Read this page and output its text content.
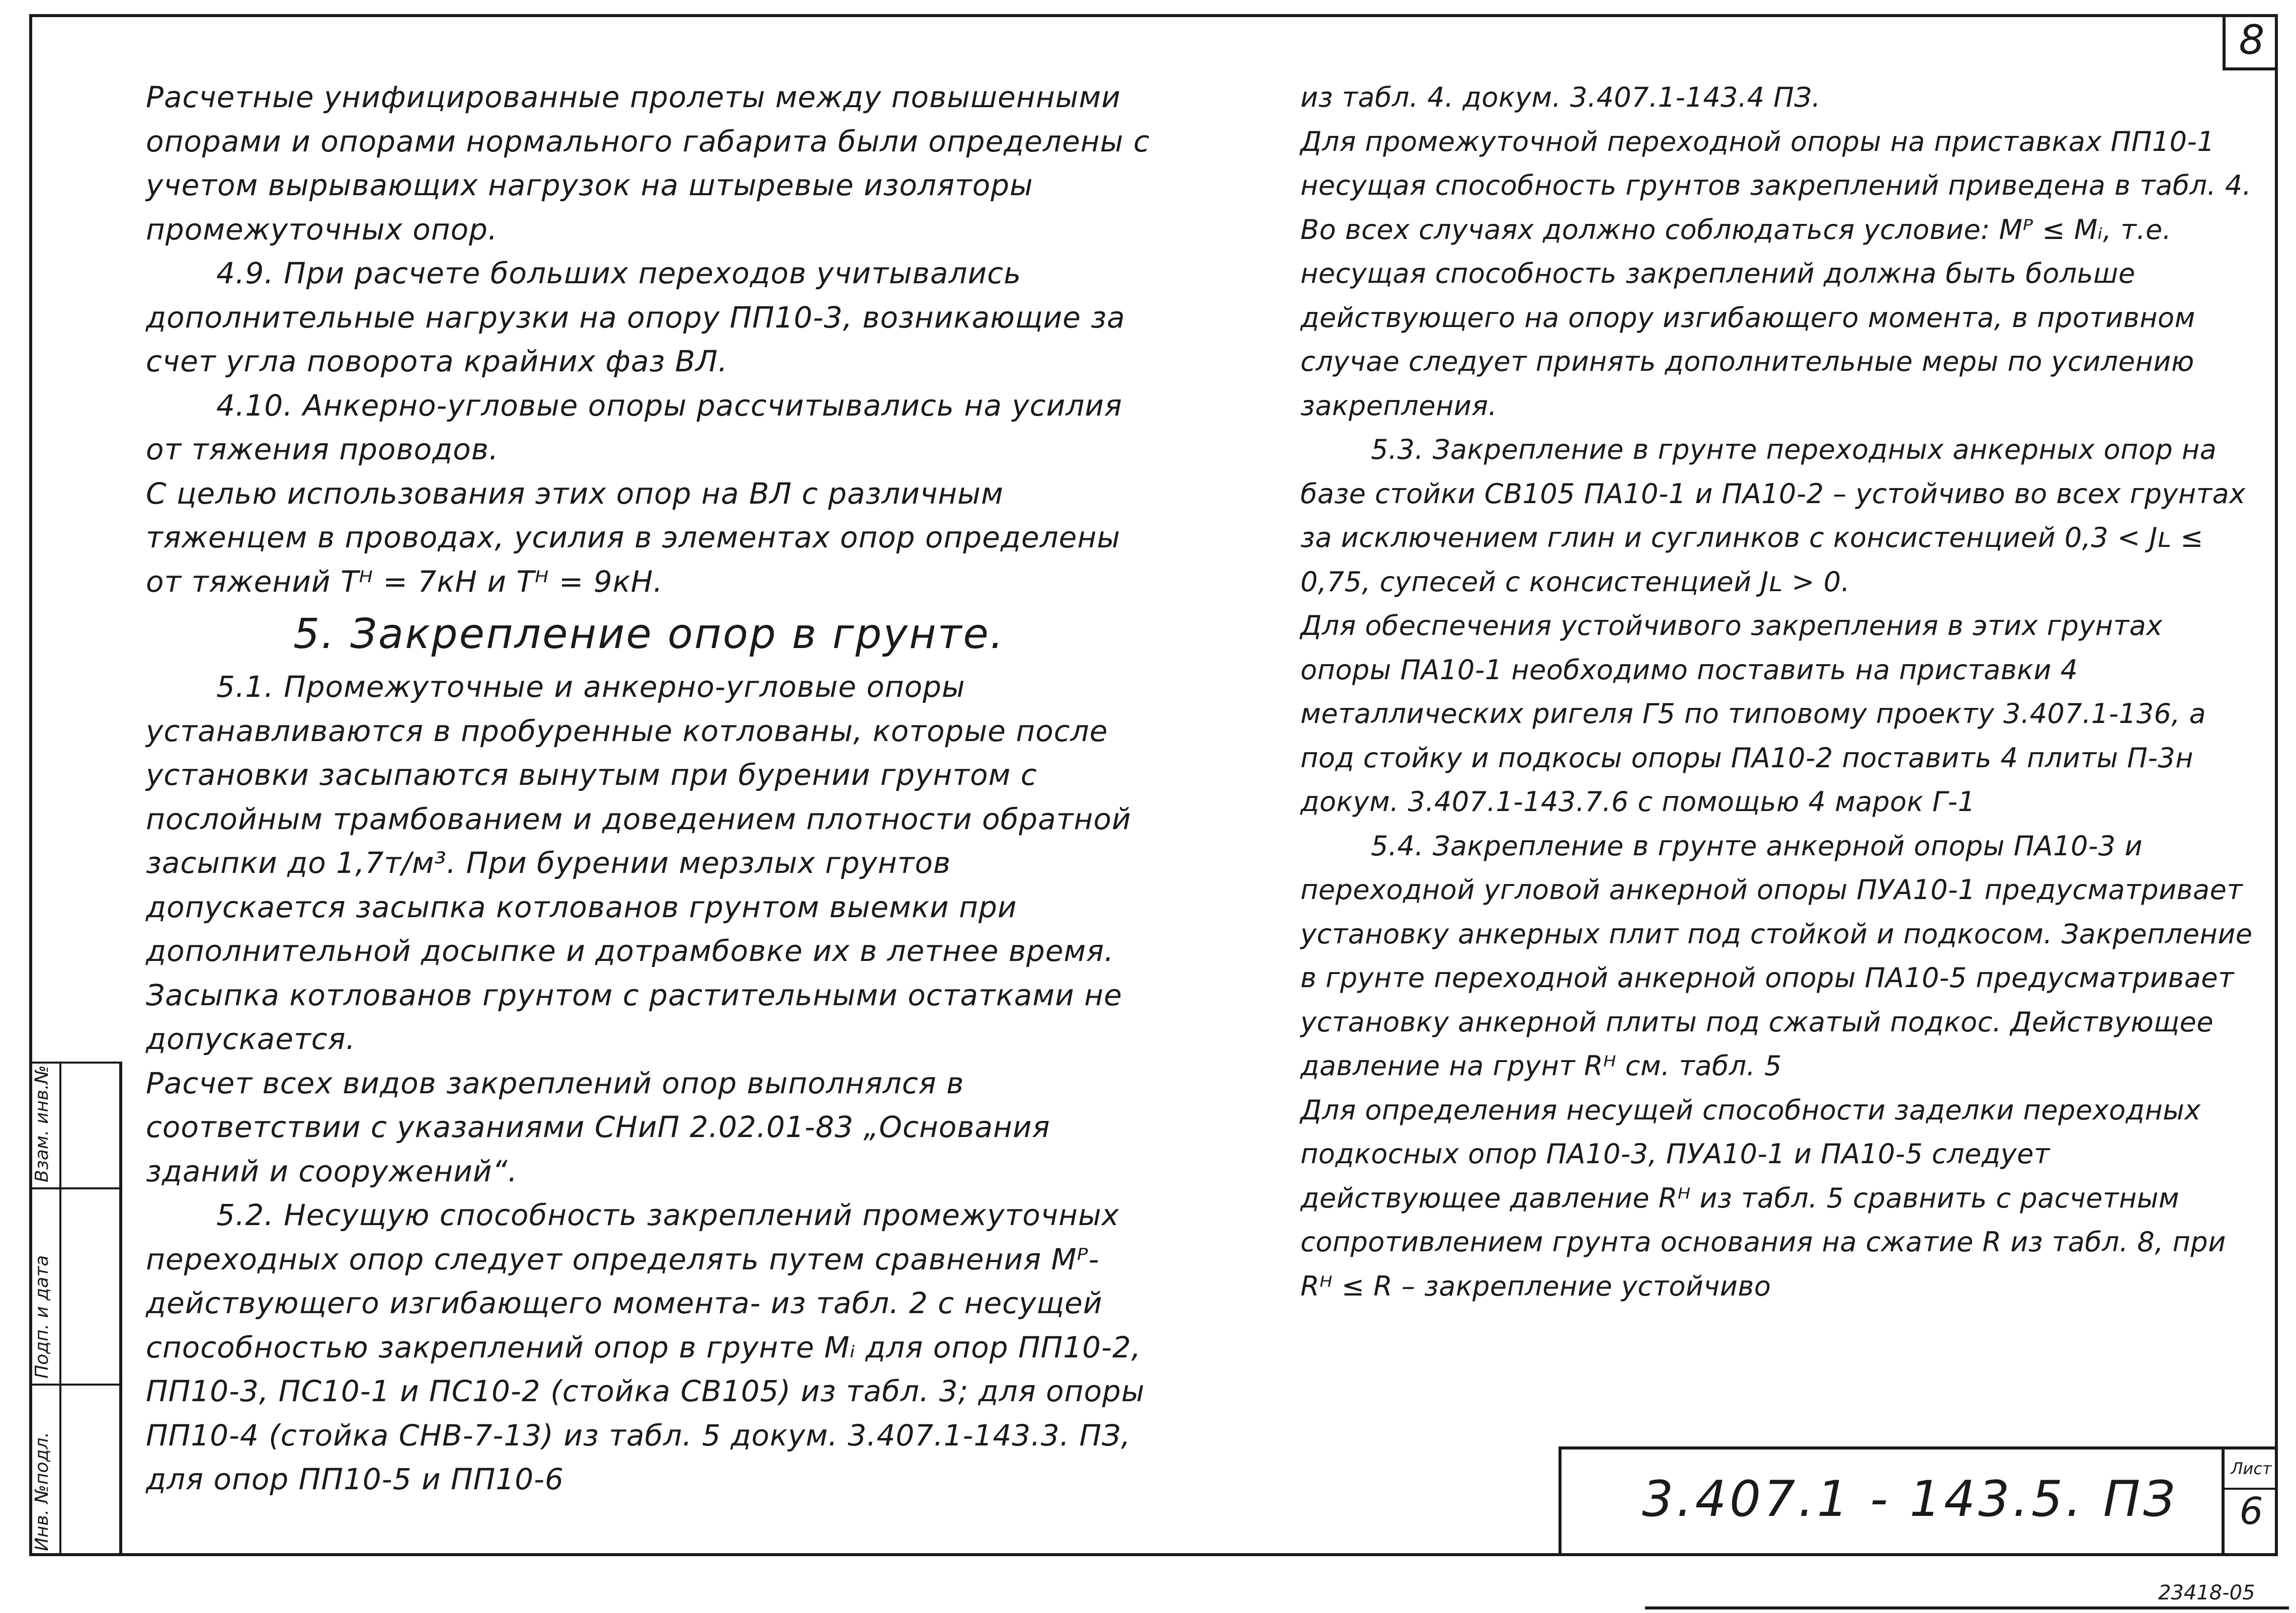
8

Расчетные унифицированные пролеты между повышенными опорами и опорами нормального габарита были определены с учетом вырывающих нагрузок на штыревые изоляторы промежуточных опор.

4.9. При расчете больших переходов учитывались дополнительные нагрузки на опору ПП10-3, возникающие за счет угла поворота крайних фаз ВЛ.

4.10. Анкерно-угловые опоры рассчитывались на усилия от тяжения проводов.

С целью использования этих опор на ВЛ с различным тяженцем в проводах, усилия в элементах опор определены от тяжений Тᴴ = 7кН и Тᴴ = 9кН.

5. Закрепление опор в грунте.

5.1. Промежуточные и анкерно-угловые опоры устанавливаются в пробуренные котлованы, которые после установки засыпаются вынутым при бурении грунтом с послойным трамбованием и доведением плотности обратной засыпки до 1,7т/м³. При бурении мерзлых грунтов допускается засыпка котлованов грунтом выемки при дополнительной досыпке и дотрамбовке их в летнее время. Засыпка котлованов грунтом с растительными остатками не допускается.

Расчет всех видов закреплений опор выполнялся в соответствии с указаниями СНиП 2.02.01-83 „Основания зданий и сооружений“.

5.2. Несущую способность закреплений промежуточных переходных опор следует определять путем сравнения Mᴾ- действующего изгибающего момента- из табл. 2 с несущей способностью закреплений опор в грунте Mᵢ для опор ПП10-2, ПП10-3, ПС10-1 и ПС10-2 (стойка СВ105) из табл. 3; для опоры ПП10-4 (стойка СНВ-7-13) из табл. 5 докум. 3.407.1-143.3. ПЗ, для опор ПП10-5 и ПП10-6

из табл. 4. докум. 3.407.1-143.4 ПЗ.

Для промежуточной переходной опоры на приставках ПП10-1 несущая способность грунтов закреплений приведена в табл. 4.

Во всех случаях должно соблюдаться условие: Mᴾ ≤ Mᵢ, т.е. несущая способность закреплений должна быть больше действующего на опору изгибающего момента, в противном случае следует принять дополнительные меры по усилению закрепления.

5.3. Закрепление в грунте переходных анкерных опор на базе стойки СВ105 ПА10-1 и ПА10-2 – устойчиво во всех грунтах за исключением глин и суглинков с консистенцией 0,3 < Jʟ ≤ 0,75, супесей с консистенцией Jʟ > 0.

Для обеспечения устойчивого закрепления в этих грунтах опоры ПА10-1 необходимо поставить на приставки 4 металлических ригеля Г5 по типовому проекту 3.407.1-136, а под стойку и подкосы опоры ПА10-2 поставить 4 плиты П-3н докум. 3.407.1-143.7.6 с помощью 4 марок Г-1

5.4. Закрепление в грунте анкерной опоры ПА10-3 и переходной угловой анкерной опоры ПУА10-1 предусматривает установку анкерных плит под стойкой и подкосом. Закрепление в грунте переходной анкерной опоры ПА10-5 предусматривает установку анкерной плиты под сжатый подкос. Действующее давление на грунт Rᴴ см. табл. 5

Для определения несущей способности заделки переходных подкосных опор ПА10-3, ПУА10-1 и ПА10-5 следует действующее давление Rᴴ из табл. 5 сравнить с расчетным сопротивлением грунта основания на сжатие R из табл. 8, при Rᴴ ≤ R – закрепление устойчиво

Инв. №подл.
Подп. и дата
Взам. инв.№
3.407.1 - 143.5. ПЗ
Лист
6
23418-05
